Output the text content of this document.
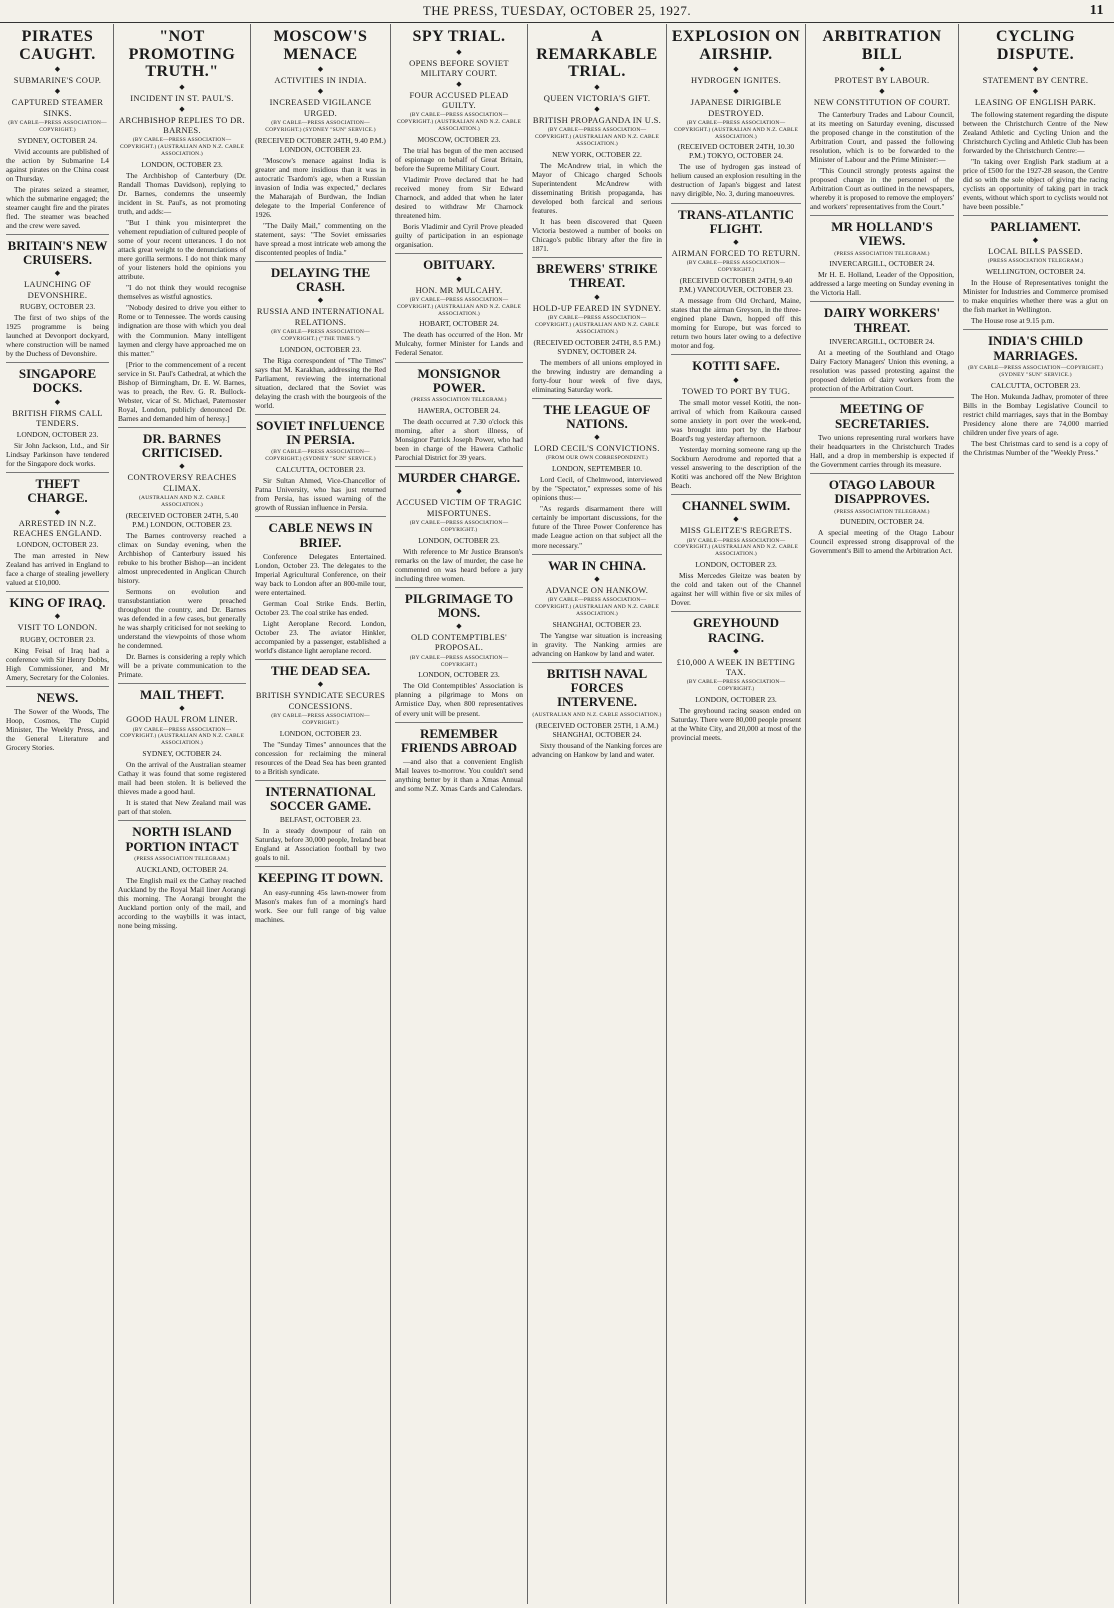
THE PRESS, TUESDAY, OCTOBER 25, 1927.	11
PIRATES CAUGHT.
◆
SUBMARINE'S COUP.
◆
CAPTURED STEAMER SINKS.
(BY CABLE—PRESS ASSOCIATION—COPYRIGHT.)
SYDNEY, OCTOBER 24.

Vivid accounts are published of the action by Submarine L4 against pirates on the China coast on Thursday.

The pirates seized a steamer, which the submarine engaged; the steamer caught fire and the pirates fled. The steamer was beached and the crew were saved.

BRITAIN'S NEW CRUISERS.
◆
LAUNCHING OF DEVONSHIRE.
RUGBY, OCTOBER 23.

The first of two ships of the 1925 programme is being launched at Devonport dockyard, where construction will be named by the Duchess of Devonshire.

SINGAPORE DOCKS.
◆
BRITISH FIRMS CALL TENDERS.
LONDON, OCTOBER 23.

Sir John Jackson, Ltd., and Sir Lindsay Parkinson have tendered for the Singapore dock works.

THEFT CHARGE.
◆
ARRESTED IN N.Z. REACHES ENGLAND.
LONDON, OCTOBER 23.

The man arrested in New Zealand has arrived in England to face a charge of stealing jewellery valued at £10,000.

KING OF IRAQ.
◆
VISIT TO LONDON.
RUGBY, OCTOBER 23.

King Feisal of Iraq had a conference with Sir Henry Dobbs, High Commissioner, and Mr Amery, Secretary for the Colonies.

NEWS.

The Sower of the Woods, The Hoop, Cosmos, The Cupid Minister, The Weekly Press, and the General Literature and Grocery Stories.

"NOT PROMOTING TRUTH."
◆
INCIDENT IN ST. PAUL'S.
◆
ARCHBISHOP REPLIES TO DR. BARNES.
(BY CABLE—PRESS ASSOCIATION—COPYRIGHT.) (AUSTRALIAN AND N.Z. CABLE ASSOCIATION.)
LONDON, OCTOBER 23.

The Archbishop of Canterbury (Dr. Randall Thomas Davidson), replying to Dr. Barnes, condemns the unseemly incident in St. Paul's, as not promoting truth, and adds:—

"But I think you misinterpret the vehement repudiation of cultured people of some of your recent utterances. I do not attack great weight to the denunciations of mere gorilla sermons. I do not think many of your listeners hold the opinions you attribute.

"I do not think they would recognise themselves as wistful agnostics.

"Nobody desired to drive you either to Rome or to Tennessee. The words causing indignation are those with which you deal with the Communion. Many intelligent laymen and clergy have approached me on this matter."

[Prior to the commencement of a recent service in St. Paul's Cathedral, at which the Bishop of Birmingham, Dr. E. W. Barnes, was to preach, the Rev. G. R. Bullock-Webster, vicar of St. Michael, Paternoster Royal, London, publicly denounced Dr. Barnes and demanded him of heresy.]

DR. BARNES CRITICISED.
◆
CONTROVERSY REACHES CLIMAX.
(AUSTRALIAN AND N.Z. CABLE ASSOCIATION.)
(RECEIVED OCTOBER 24TH, 5.40 P.M.) LONDON, OCTOBER 23.

The Barnes controversy reached a climax on Sunday evening, when the Archbishop of Canterbury issued his rebuke to his brother Bishop—an incident almost unprecedented in Anglican Church history.

Sermons on evolution and transubstantiation were preached throughout the country, and Dr. Barnes was defended in a few cases, but generally he was sharply criticised for not seeking to understand the viewpoints of those whom he condemned.

Dr. Barnes is considering a reply which will be a private communication to the Primate.

MAIL THEFT.
◆
GOOD HAUL FROM LINER.
(BY CABLE—PRESS ASSOCIATION—COPYRIGHT.) (AUSTRALIAN AND N.Z. CABLE ASSOCIATION.)
SYDNEY, OCTOBER 24.

On the arrival of the Australian steamer Cathay it was found that some registered mail had been stolen. It is believed the thieves made a good haul.

It is stated that New Zealand mail was part of that stolen.

NORTH ISLAND PORTION INTACT
(PRESS ASSOCIATION TELEGRAM.)
AUCKLAND, OCTOBER 24.

The English mail ex the Cathay reached Auckland by the Royal Mail liner Aorangi this morning. The Aorangi brought the Auckland portion only of the mail, and according to the waybills it was intact, none being missing.

MOSCOW'S MENACE
◆
ACTIVITIES IN INDIA.
◆
INCREASED VIGILANCE URGED.
(BY CABLE—PRESS ASSOCIATION—COPYRIGHT.) (SYDNEY "SUN" SERVICE.)
(RECEIVED OCTOBER 24TH, 9.40 P.M.) LONDON, OCTOBER 23.

"Moscow's menace against India is greater and more insidious than it was in autocratic Tsardom's age, when a Russian invasion of India was expected," declares the Maharajah of Burdwan, the Indian delegate to the Imperial Conference of 1926.

"The Daily Mail," commenting on the statement, says: "The Soviet emissaries have spread a most intricate web among the discontented peoples of India."

DELAYING THE CRASH.
◆
RUSSIA AND INTERNATIONAL RELATIONS.
(BY CABLE—PRESS ASSOCIATION—COPYRIGHT.) ("THE TIMES.")
LONDON, OCTOBER 23.

The Riga correspondent of "The Times" says that M. Karakhan, addressing the Red Parliament, reviewing the international situation, declared that the Soviet was delaying the crash with the bourgeois of the world.

SOVIET INFLUENCE IN PERSIA.
(BY CABLE—PRESS ASSOCIATION—COPYRIGHT.) (SYDNEY "SUN" SERVICE.)
CALCUTTA, OCTOBER 23.

Sir Sultan Ahmed, Vice-Chancellor of Patna University, who has just returned from Persia, has issued warning of the growth of Russian influence in Persia.

CABLE NEWS IN BRIEF.

Conference Delegates Entertained. London, October 23. The delegates to the Imperial Agricultural Conference, on their way back to London after an 800-mile tour, were entertained.

German Coal Strike Ends. Berlin, October 23. The coal strike has ended.

Light Aeroplane Record. London, October 23. The aviator Hinkler, accompanied by a passenger, established a world's distance light aeroplane record.

THE DEAD SEA.
◆
BRITISH SYNDICATE SECURES CONCESSIONS.
(BY CABLE—PRESS ASSOCIATION—COPYRIGHT.)
LONDON, OCTOBER 23.

The "Sunday Times" announces that the concession for reclaiming the mineral resources of the Dead Sea has been granted to a British syndicate.

INTERNATIONAL SOCCER GAME.
BELFAST, OCTOBER 23.

In a steady downpour of rain on Saturday, before 30,000 people, Ireland beat England at Association football by two goals to nil.

KEEPING IT DOWN.

An easy-running 45s lawn-mower from Mason's makes fun of a morning's hard work. See our full range of big value machines.

SPY TRIAL.
◆
OPENS BEFORE SOVIET MILITARY COURT.
◆
FOUR ACCUSED PLEAD GUILTY.
(BY CABLE—PRESS ASSOCIATION—COPYRIGHT.) (AUSTRALIAN AND N.Z. CABLE ASSOCIATION.)
MOSCOW, OCTOBER 23.

The trial has begun of the men accused of espionage on behalf of Great Britain, before the Supreme Military Court.

Vladimir Prove declared that he had received money from Sir Edward Charnock, and added that when he later desired to withdraw Mr Charnock threatened him.

Boris Vladimir and Cyril Prove pleaded guilty of participation in an espionage organisation.

OBITUARY.
◆
HON. MR MULCAHY.
(BY CABLE—PRESS ASSOCIATION—COPYRIGHT.) (AUSTRALIAN AND N.Z. CABLE ASSOCIATION.)
HOBART, OCTOBER 24.

The death has occurred of the Hon. Mr Mulcahy, former Minister for Lands and Federal Senator.

MONSIGNOR POWER.
(PRESS ASSOCIATION TELEGRAM.)
HAWERA, OCTOBER 24.

The death occurred at 7.30 o'clock this morning, after a short illness, of Monsignor Patrick Joseph Power, who had been in charge of the Hawera Catholic Parochial District for 39 years.

MURDER CHARGE.
◆
ACCUSED VICTIM OF TRAGIC MISFORTUNES.
(BY CABLE—PRESS ASSOCIATION—COPYRIGHT.)
LONDON, OCTOBER 23.

With reference to Mr Justice Branson's remarks on the law of murder, the case he commented on was heard before a jury including three women.

PILGRIMAGE TO MONS.
◆
OLD CONTEMPTIBLES' PROPOSAL.
(BY CABLE—PRESS ASSOCIATION—COPYRIGHT.)
LONDON, OCTOBER 23.

The Old Contemptibles' Association is planning a pilgrimage to Mons on Armistice Day, when 800 representatives of every unit will be present.

REMEMBER FRIENDS ABROAD

—and also that a convenient English Mail leaves to-morrow. You couldn't send anything better by it than a Xmas Annual and some N.Z. Xmas Cards and Calendars.

A REMARKABLE TRIAL.
◆
QUEEN VICTORIA'S GIFT.
◆
BRITISH PROPAGANDA IN U.S.
(BY CABLE—PRESS ASSOCIATION—COPYRIGHT.) (AUSTRALIAN AND N.Z. CABLE ASSOCIATION.)
NEW YORK, OCTOBER 22.

The McAndrew trial, in which the Mayor of Chicago charged Schools Superintendent McAndrew with disseminating British propaganda, has developed both farcical and serious features.

It has been discovered that Queen Victoria bestowed a number of books on Chicago's public library after the fire in 1871.

BREWERS' STRIKE THREAT.
◆
HOLD-UP FEARED IN SYDNEY.
(BY CABLE—PRESS ASSOCIATION—COPYRIGHT.) (AUSTRALIAN AND N.Z. CABLE ASSOCIATION.)
(RECEIVED OCTOBER 24TH, 8.5 P.M.) SYDNEY, OCTOBER 24.

The members of all unions employed in the brewing industry are demanding a forty-four hour week of five days, eliminating Saturday work.

THE LEAGUE OF NATIONS.
◆
LORD CECIL'S CONVICTIONS.
(FROM OUR OWN CORRESPONDENT.)
LONDON, SEPTEMBER 10.

Lord Cecil, of Chelmwood, interviewed by the "Spectator," expresses some of his opinions thus:—

"As regards disarmament there will certainly be important discussions, for the future of the Three Power Conference has made League action on that subject all the more necessary."

WAR IN CHINA.
◆
ADVANCE ON HANKOW.
(BY CABLE—PRESS ASSOCIATION—COPYRIGHT.) (AUSTRALIAN AND N.Z. CABLE ASSOCIATION.)
SHANGHAI, OCTOBER 23.

The Yangtse war situation is increasing in gravity. The Nanking armies are advancing on Hankow by land and water.

BRITISH NAVAL FORCES INTERVENE.
(AUSTRALIAN AND N.Z. CABLE ASSOCIATION.)
(RECEIVED OCTOBER 25TH, 1 A.M.) SHANGHAI, OCTOBER 24.

Sixty thousand of the Nanking forces are advancing on Hankow by land and water.

EXPLOSION ON AIRSHIP.
◆
HYDROGEN IGNITES.
◆
JAPANESE DIRIGIBLE DESTROYED.
(BY CABLE—PRESS ASSOCIATION—COPYRIGHT.) (AUSTRALIAN AND N.Z. CABLE ASSOCIATION.)
(RECEIVED OCTOBER 24TH, 10.30 P.M.) TOKYO, OCTOBER 24.

The use of hydrogen gas instead of helium caused an explosion resulting in the destruction of Japan's biggest and latest navy dirigible, No. 3, during manoeuvres.

TRANS-ATLANTIC FLIGHT.
◆
AIRMAN FORCED TO RETURN.
(BY CABLE—PRESS ASSOCIATION—COPYRIGHT.)
(RECEIVED OCTOBER 24TH, 9.40 P.M.) VANCOUVER, OCTOBER 23.

A message from Old Orchard, Maine, states that the airman Greyson, in the three-engined plane Dawn, hopped off this morning for Europe, but was forced to return two hours later owing to a defective motor and fog.

KOTITI SAFE.
◆
TOWED TO PORT BY TUG.

The small motor vessel Kotiti, the non-arrival of which from Kaikoura caused some anxiety in port over the week-end, was brought into port by the Harbour Board's tug yesterday afternoon.

Yesterday morning someone rang up the Sockburn Aerodrome and reported that a vessel answering to the description of the Kotiti was anchored off the New Brighton Beach.

CHANNEL SWIM.
◆
MISS GLEITZE'S REGRETS.
(BY CABLE—PRESS ASSOCIATION—COPYRIGHT.) (AUSTRALIAN AND N.Z. CABLE ASSOCIATION.)
LONDON, OCTOBER 23.

Miss Mercedes Gleitze was beaten by the cold and taken out of the Channel against her will within five or six miles of Dover.

GREYHOUND RACING.
◆
£10,000 A WEEK IN BETTING TAX.
(BY CABLE—PRESS ASSOCIATION—COPYRIGHT.)
LONDON, OCTOBER 23.

The greyhound racing season ended on Saturday. There were 80,000 people present at the White City, and 20,000 at most of the provincial meets.

ARBITRATION BILL
◆
PROTEST BY LABOUR.
◆
NEW CONSTITUTION OF COURT.

The Canterbury Trades and Labour Council, at its meeting on Saturday evening, discussed the proposed change in the constitution of the Arbitration Court, and passed the following resolution, which is to be forwarded to the Minister of Labour and the Prime Minister:—

"This Council strongly protests against the proposed change in the personnel of the Arbitration Court as outlined in the newspapers, whereby it is proposed to remove the employers' and workers' representatives from the Court."

MR HOLLAND'S VIEWS.
(PRESS ASSOCIATION TELEGRAM.)
INVERCARGILL, OCTOBER 24.

Mr H. E. Holland, Leader of the Opposition, addressed a large meeting on Sunday evening in the Victoria Hall.

DAIRY WORKERS' THREAT.
INVERCARGILL, OCTOBER 24.

At a meeting of the Southland and Otago Dairy Factory Managers' Union this evening, a resolution was passed protesting against the proposed deletion of dairy workers from the protection of the Arbitration Court.

MEETING OF SECRETARIES.

Two unions representing rural workers have their headquarters in the Christchurch Trades Hall, and a drop in membership is expected if the Government carries through its measure.

OTAGO LABOUR DISAPPROVES.
(PRESS ASSOCIATION TELEGRAM.)
DUNEDIN, OCTOBER 24.

A special meeting of the Otago Labour Council expressed strong disapproval of the Government's Bill to amend the Arbitration Act.

CYCLING DISPUTE.
◆
STATEMENT BY CENTRE.
◆
LEASING OF ENGLISH PARK.

The following statement regarding the dispute between the Christchurch Centre of the New Zealand Athletic and Cycling Union and the Christchurch Cycling and Athletic Club has been forwarded by the Christchurch Centre:—

"In taking over English Park stadium at a price of £500 for the 1927-28 season, the Centre did so with the sole object of giving the racing cyclists an opportunity of taking part in track events, without which sport to cyclists would not have been possible."

PARLIAMENT.
◆
LOCAL BILLS PASSED.
(PRESS ASSOCIATION TELEGRAM.)
WELLINGTON, OCTOBER 24.

In the House of Representatives tonight the Minister for Industries and Commerce promised to make enquiries whether there was a glut on the fish market in Wellington.

The House rose at 9.15 p.m.

INDIA'S CHILD MARRIAGES.
(BY CABLE—PRESS ASSOCIATION—COPYRIGHT.) (SYDNEY "SUN" SERVICE.)
CALCUTTA, OCTOBER 23.

The Hon. Mukunda Jadhav, promoter of three Bills in the Bombay Legislative Council to restrict child marriages, says that in the Bombay Presidency alone there are 74,000 married children under five years of age.

The best Christmas card to send is a copy of the Christmas Number of the "Weekly Press."
